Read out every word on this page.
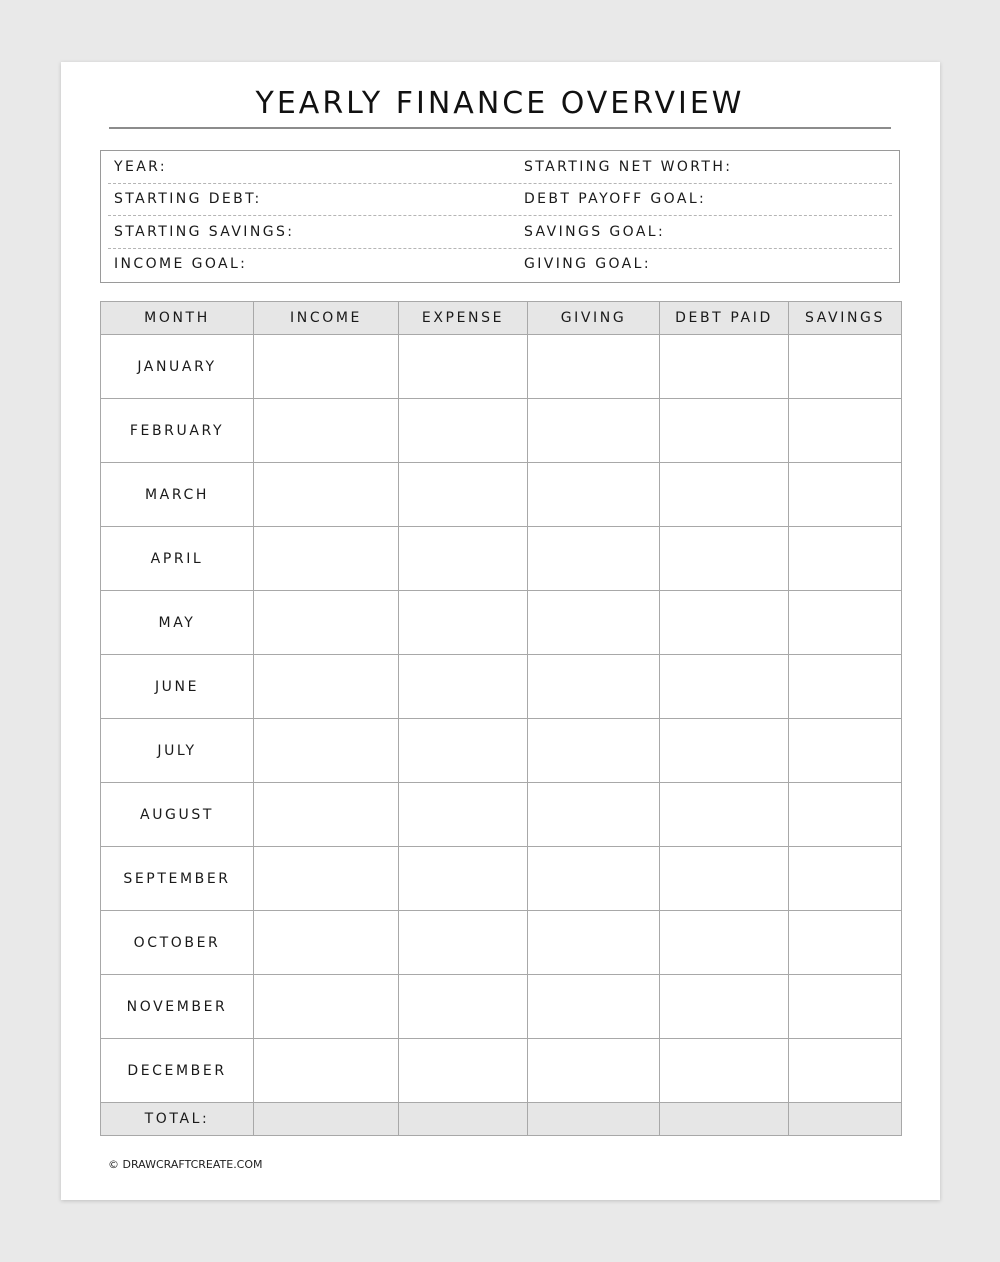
YEARLY FINANCE OVERVIEW
YEAR:	STARTING NET WORTH:
STARTING DEBT:	DEBT PAYOFF GOAL:
STARTING SAVINGS:	SAVINGS GOAL:
INCOME GOAL:	GIVING GOAL:
MONTH	INCOME	EXPENSE	GIVING	DEBT PAID	SAVINGS
JANUARY					
FEBRUARY					
MARCH					
APRIL					
MAY					
JUNE					
JULY					
AUGUST					
SEPTEMBER					
OCTOBER					
NOVEMBER					
DECEMBER					
TOTAL:					
© DRAWCRAFTCREATE.COM
